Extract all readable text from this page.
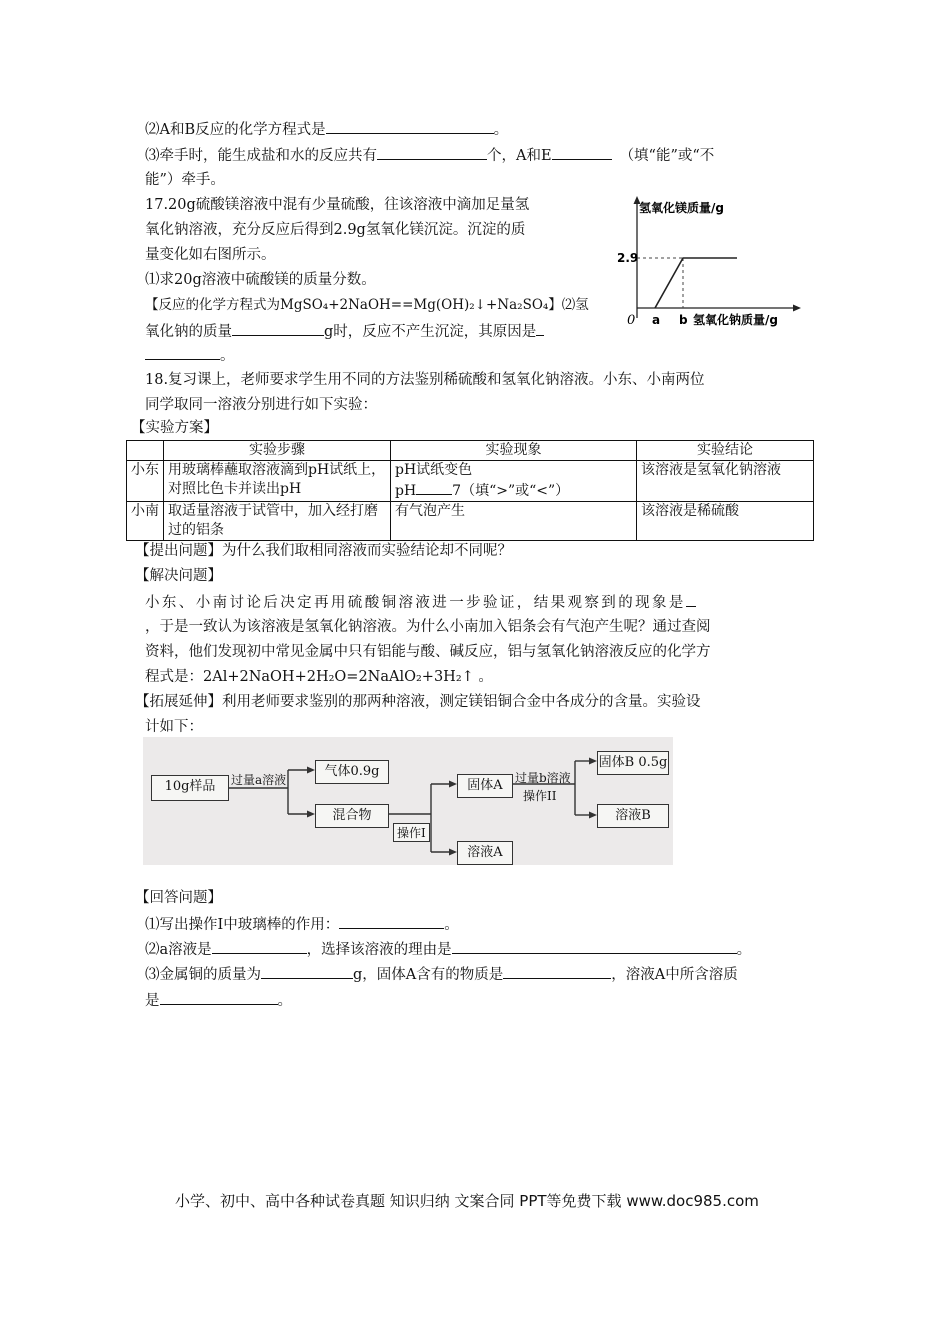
⑵A和B反应的化学方程式是	。
⑶牵手时，能生成盐和水的反应共有	个，A和E	（填“能”或“不
能”）牵手。
17.20g硫酸镁溶液中混有少量硫酸，往该溶液中滴加足量氢
氧化钠溶液，充分反应后得到2.9g氢氧化镁沉淀。沉淀的质
量变化如右图所示。
⑴求20g溶液中硫酸镁的质量分数。
【反应的化学方程式为MgSO₄+2NaOH==Mg(OH)₂↓+Na₂SO₄】⑵氢
氧化钠的质量	g时，反应不产生沉淀，其原因是
。
氢氧化镁质量/g
2.9
0 a b 氢氧化钠质量/g
18.复习课上，老师要求学生用不同的方法鉴别稀硫酸和氢氧化钠溶液。小东、小南两位
同学取同一溶液分别进行如下实验：
【实验方案】
	实验步骤	实验现象	实验结论
小东	用玻璃棒蘸取溶液滴到pH试纸上，对照比色卡并读出pH	pH试纸变色
pH 7（填“>”或“<”）	该溶液是氢氧化钠溶液
小南	取适量溶液于试管中，加入经打磨过的铝条	有气泡产生	该溶液是稀硫酸
【提出问题】为什么我们取相同溶液而实验结论却不同呢？
【解决问题】
小东、小南讨论后决定再用硫酸铜溶液进一步验证，结果观察到的现象是
，于是一致认为该溶液是氢氧化钠溶液。为什么小南加入铝条会有气泡产生呢？通过查阅
资料，他们发现初中常见金属中只有铝能与酸、碱反应，铝与氢氧化钠溶液反应的化学方
程式是：2Al+2NaOH+2H₂O=2NaAlO₂+3H₂↑ 。
【拓展延伸】利用老师要求鉴别的那两种溶液，测定镁铝铜合金中各成分的含量。实验设
计如下：
10g样品	过量a溶液
气体0.9g
混合物
操作I
固体A	过量b溶液
操作II
固体B 0.5g
溶液B
溶液A
【回答问题】
⑴写出操作I中玻璃棒的作用：	。
⑵a溶液是	，选择该溶液的理由是	。
⑶金属铜的质量为	g，固体A含有的物质是	，溶液A中所含溶质
是	。
小学、初中、高中各种试卷真题 知识归纳 文案合同 PPT等免费下载 www.doc985.com
